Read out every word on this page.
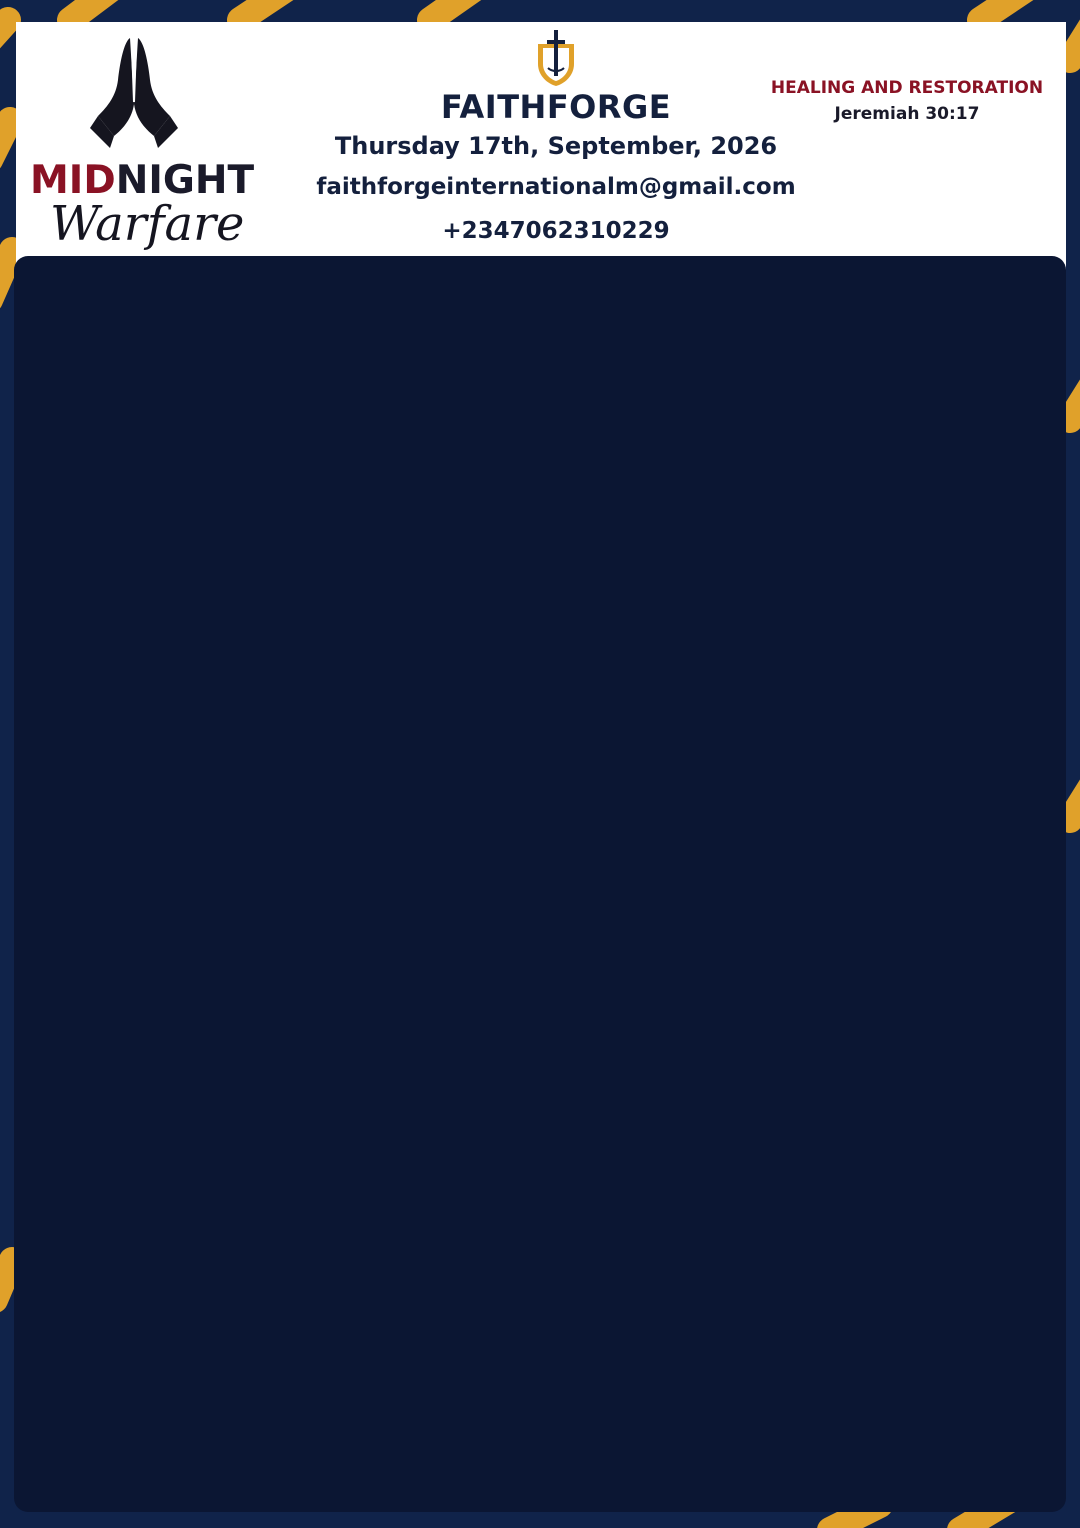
MIDNIGHT
Warfare
FAITHFORGE
Thursday 17th, September, 2026
faithforgeinternationalm@gmail.com
+2347062310229
HEALING AND RESTORATION
Jeremiah 30:17
